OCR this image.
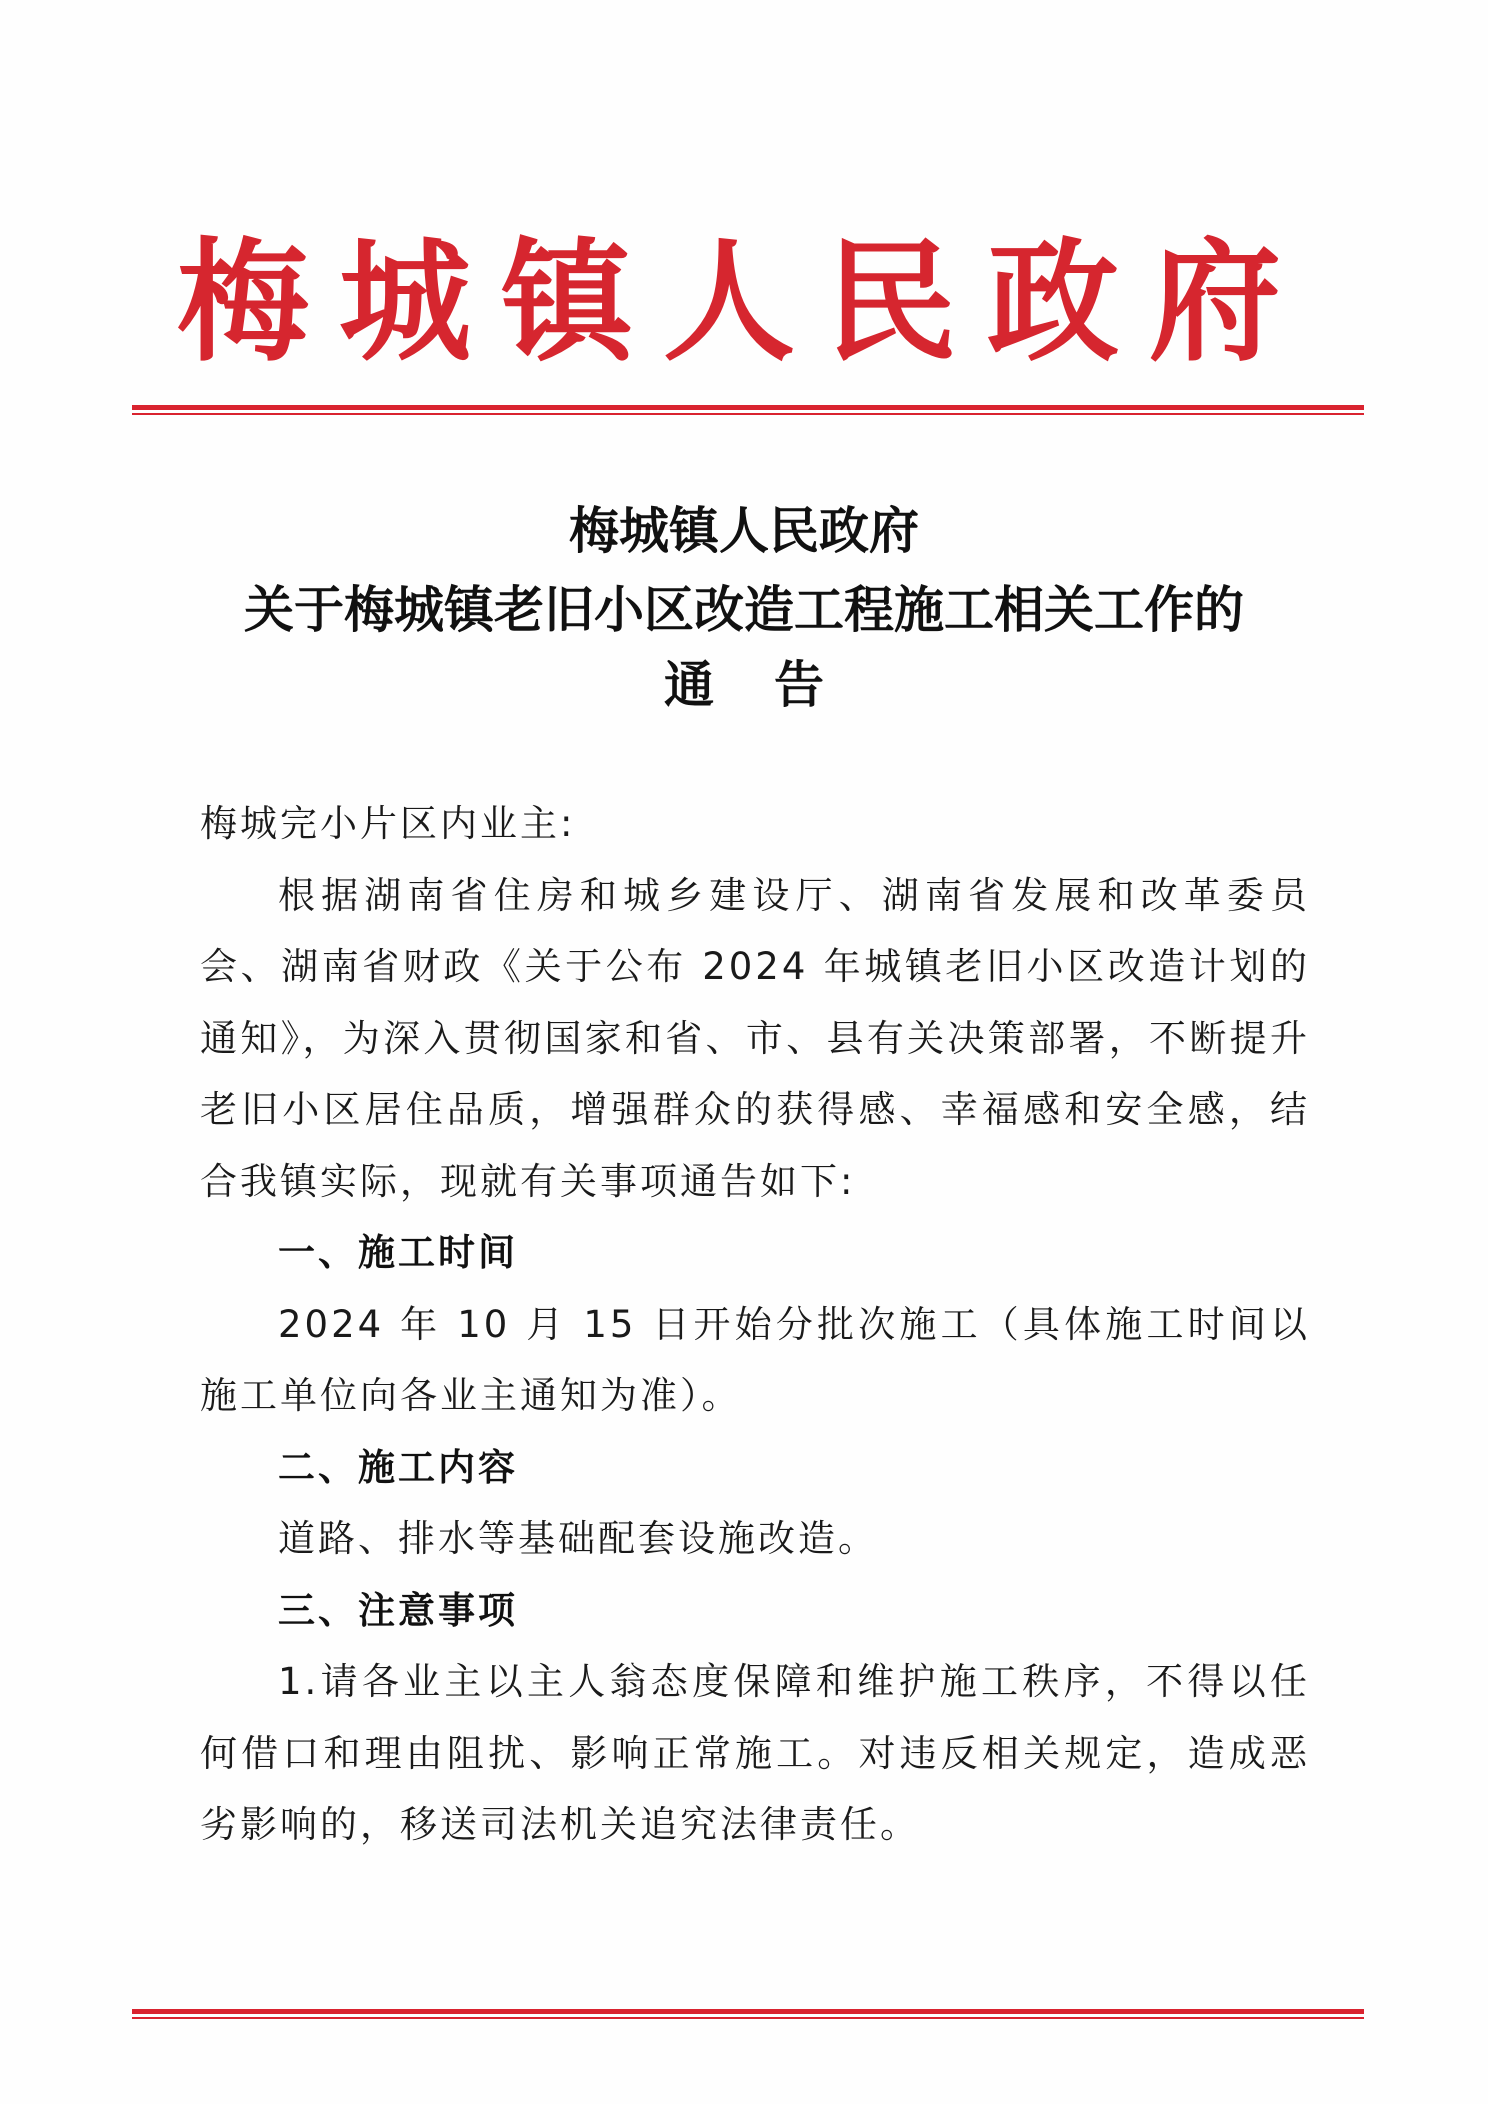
梅城镇人民政府
梅城镇人民政府
关于梅城镇老旧小区改造工程施工相关工作的
通告

梅城完小片区内业主:

根据湖南省住房和城乡建设厅、湖南省发展和改革委员会、湖南省财政《关于公布 2024 年城镇老旧小区改造计划的通知》，为深入贯彻国家和省、市、县有关决策部署，不断提升老旧小区居住品质，增强群众的获得感、幸福感和安全感，结合我镇实际，现就有关事项通告如下:

一、施工时间

2024 年 10 月 15 日开始分批次施工（具体施工时间以施工单位向各业主通知为准）。

二、施工内容

道路、排水等基础配套设施改造。

三、注意事项

1.请各业主以主人翁态度保障和维护施工秩序，不得以任何借口和理由阻扰、影响正常施工。对违反相关规定，造成恶劣影响的，移送司法机关追究法律责任。
